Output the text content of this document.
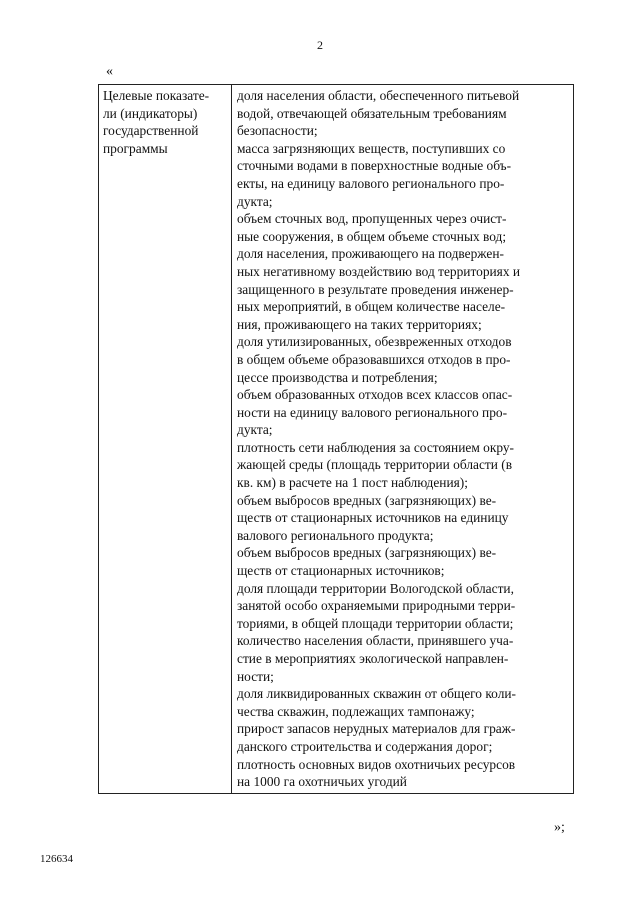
2
«
Целевые показате-
ли (индикаторы)
государственной
программы

доля населения области, обеспеченного питьевой
водой, отвечающей обязательным требованиям
безопасности;
масса загрязняющих веществ, поступивших со
сточными водами в поверхностные водные объ-
екты, на единицу валового регионального про-
дукта;
объем сточных вод, пропущенных через очист-
ные сооружения, в общем объеме сточных вод;
доля населения, проживающего на подвержен-
ных негативному воздействию вод территориях и
защищенного в результате проведения инженер-
ных мероприятий, в общем количестве населе-
ния, проживающего на таких территориях;
доля утилизированных, обезвреженных отходов
в общем объеме образовавшихся отходов в про-
цессе производства и потребления;
объем образованных отходов всех классов опас-
ности на единицу валового регионального про-
дукта;
плотность сети наблюдения за состоянием окру-
жающей среды (площадь территории области (в
кв. км) в расчете на 1 пост наблюдения);
объем выбросов вредных (загрязняющих) ве-
ществ от стационарных источников на единицу
валового регионального продукта;
объем выбросов вредных (загрязняющих) ве-
ществ от стационарных источников;
доля площади территории Вологодской области,
занятой особо охраняемыми природными терри-
ториями, в общей площади территории области;
количество населения области, принявшего уча-
стие в мероприятиях экологической направлен-
ности;
доля ликвидированных скважин от общего коли-
чества скважин, подлежащих тампонажу;
прирост запасов нерудных материалов для граж-
данского строительства и содержания дорог;
плотность основных видов охотничьих ресурсов
на 1000 га охотничьих угодий
»;
126634
